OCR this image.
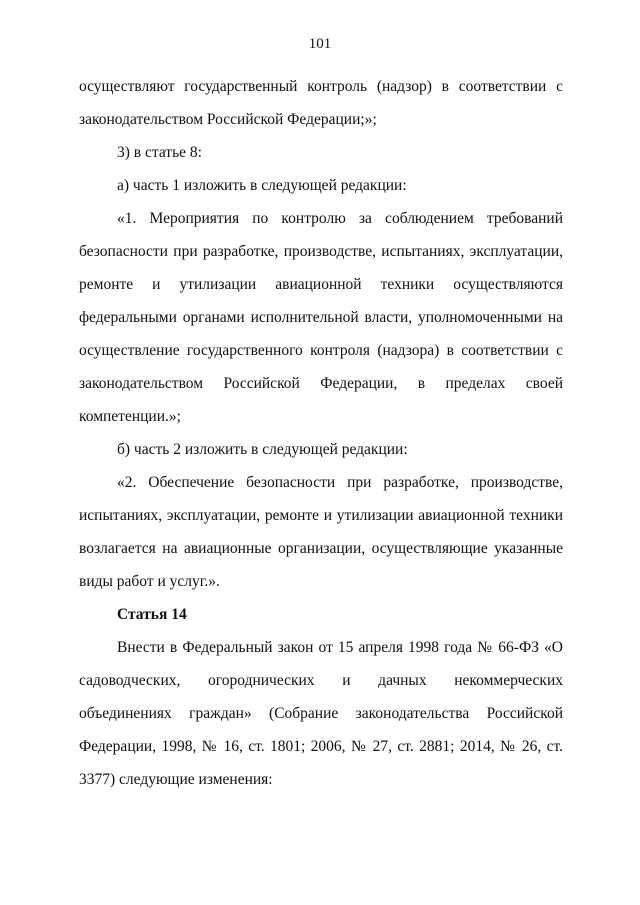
101

осуществляют государственный контроль (надзор) в соответствии с законодательством Российской Федерации;»;

3) в статье 8:

а) часть 1 изложить в следующей редакции:

«1. Мероприятия по контролю за соблюдением требований безопасности при разработке, производстве, испытаниях, эксплуатации, ремонте и утилизации авиационной техники осуществляются федеральными органами исполнительной власти, уполномоченными на осуществление государственного контроля (надзора) в соответствии с законодательством Российской Федерации, в пределах своей компетенции.»;

б) часть 2 изложить в следующей редакции:

«2. Обеспечение безопасности при разработке, производстве, испытаниях, эксплуатации, ремонте и утилизации авиационной техники возлагается на авиационные организации, осуществляющие указанные виды работ и услуг.».

Статья 14

Внести в Федеральный закон от 15 апреля 1998 года № 66-ФЗ «О садоводческих, огороднических и дачных некоммерческих объединениях граждан» (Собрание законодательства Российской Федерации, 1998, № 16, ст. 1801; 2006, № 27, ст. 2881; 2014, № 26, ст. 3377) следующие изменения:
